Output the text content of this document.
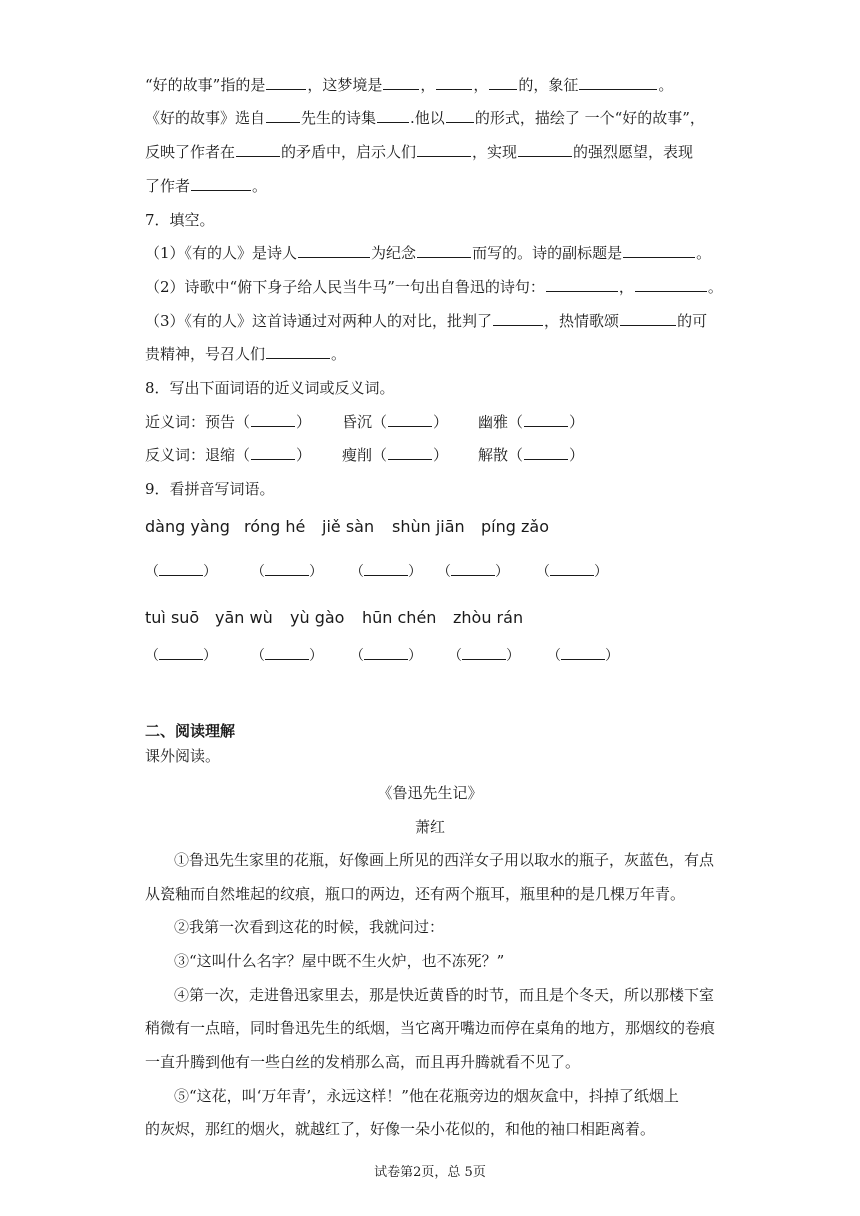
“好的故事”指的是	，这梦境是	，	， 的，象征	。
《好的故事》选自 先生的诗集 .他以 的形式，描绘了 一个“好的故事”，
反映了作者在	的矛盾中，启示人们	，实现	的强烈愿望，表现
了作者	。
7．填空。
（1）《有的人》是诗人	为纪念	而写的。诗的副标题是	。
（2）诗歌中“俯下身子给人民当牛马”一句出自鲁迅的诗句：	，	。
（3）《有的人》这首诗通过对两种人的对比，批判了	，热情歌颂	的可
贵精神，号召人们	。
8．写出下面词语的近义词或反义词。
近义词： 预告（	） 昏沉（	） 幽雅（	）
反义词： 退缩（	） 瘦削（	） 解散（	）
9．看拼音写词语。
dàng yàng róng hé jiě sàn shùn jiān píng zǎo
（	） （	） （	） （	） （	）
tuì suō yān wù yù gào hūn chén zhòu rán
（	） （	） （	） （	） （	）
二、阅读理解
课外阅读。
《鲁迅先生记》
萧红
①鲁迅先生家里的花瓶，好像画上所见的西洋女子用以取水的瓶子，灰蓝色，有点
从瓷釉而自然堆起的纹痕，瓶口的两边，还有两个瓶耳，瓶里种的是几棵万年青。
②我第一次看到这花的时候，我就问过：
③“这叫什么名字？屋中既不生火炉，也不冻死？”
④第一次，走进鲁迅家里去，那是快近黄昏的时节，而且是个冬天，所以那楼下室
稍微有一点暗，同时鲁迅先生的纸烟，当它离开嘴边而停在桌角的地方，那烟纹的卷痕
一直升腾到他有一些白丝的发梢那么高，而且再升腾就看不见了。
⑤“这花，叫‘万年青’，永远这样！”他在花瓶旁边的烟灰盒中，抖掉了纸烟上
的灰烬，那红的烟火，就越红了，好像一朵小花似的，和他的袖口相距离着。
试卷第2页，总 5页
